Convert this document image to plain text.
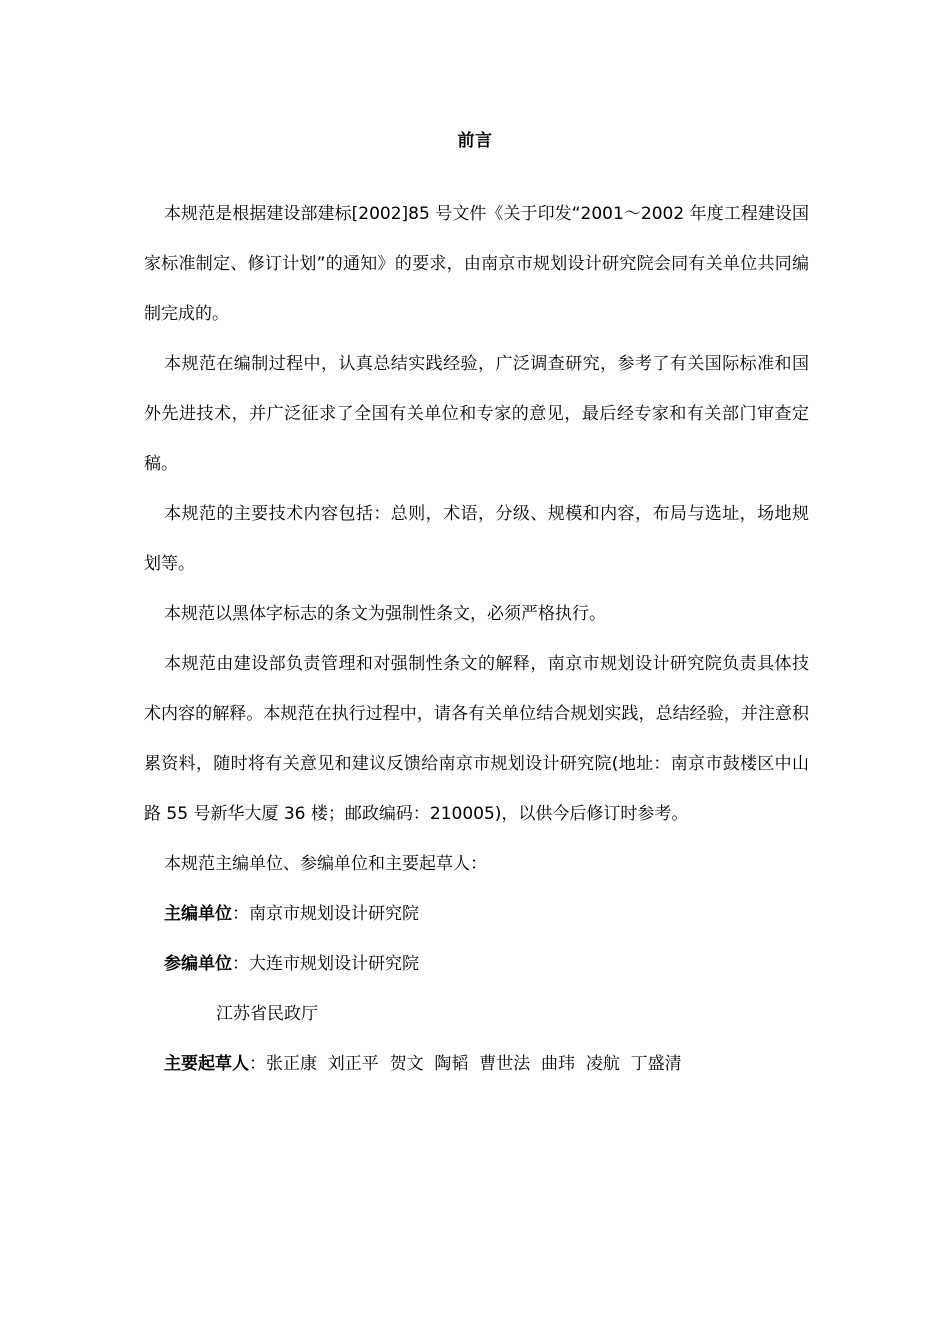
前言

本规范是根据建设部建标[2002]85 号文件《关于印发“2001～2002 年度工程建设国家标准制定、修订计划”的通知》的要求，由南京市规划设计研究院会同有关单位共同编制完成的。

本规范在编制过程中，认真总结实践经验，广泛调查研究，参考了有关国际标准和国外先进技术，并广泛征求了全国有关单位和专家的意见，最后经专家和有关部门审查定稿。

本规范的主要技术内容包括：总则，术语，分级、规模和内容，布局与选址，场地规划等。

本规范以黑体字标志的条文为强制性条文，必须严格执行。

本规范由建设部负责管理和对强制性条文的解释，南京市规划设计研究院负责具体技术内容的解释。本规范在执行过程中，请各有关单位结合规划实践，总结经验，并注意积累资料，随时将有关意见和建议反馈给南京市规划设计研究院(地址：南京市鼓楼区中山路 55 号新华大厦 36 楼；邮政编码：210005)，以供今后修订时参考。

本规范主编单位、参编单位和主要起草人：

主编单位：南京市规划设计研究院

参编单位：大连市规划设计研究院

江苏省民政厅

主要起草人：张正康  刘正平  贺文  陶韬  曹世法  曲玮  凌航  丁盛清
